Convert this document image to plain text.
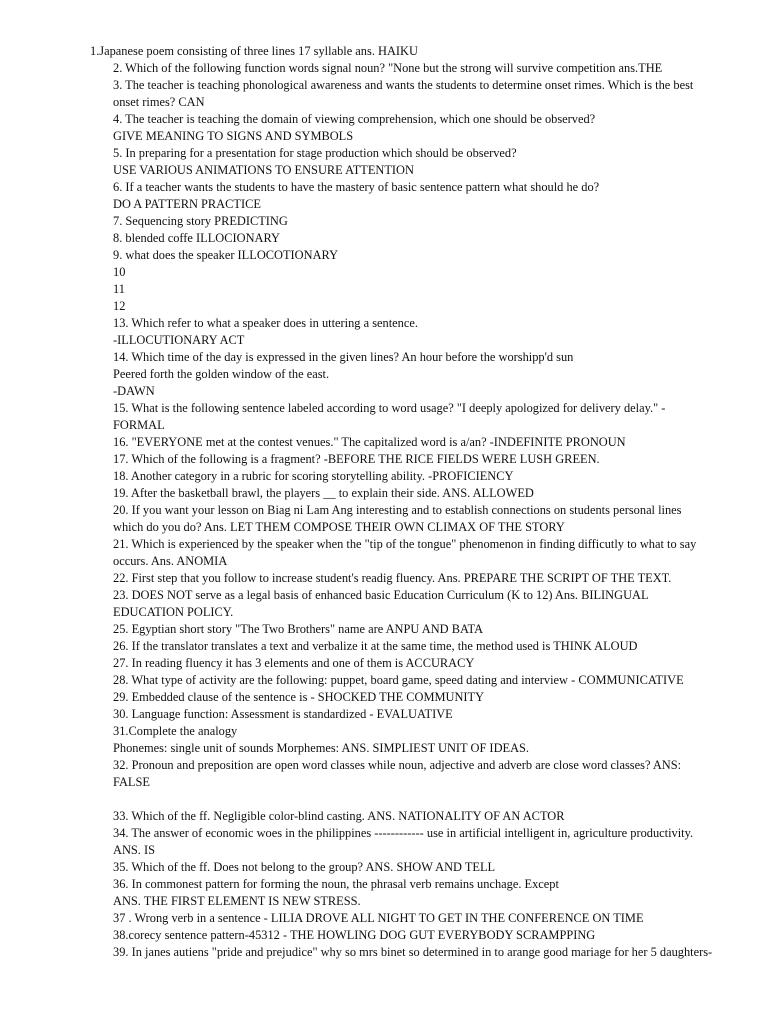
1.Japanese poem consisting of three lines 17 syllable ans. HAIKU
2. Which of the following function words signal noun? "None but the strong will survive competition ans.THE
3. The teacher is teaching phonological awareness and wants the students to determine onset rimes. Which is the best
onset rimes? CAN
4. The teacher is teaching the domain of viewing comprehension, which one should be observed?
GIVE MEANING TO SIGNS AND SYMBOLS
5. In preparing for a presentation for stage production which should be observed?
USE VARIOUS ANIMATIONS TO ENSURE ATTENTION
6. If a teacher wants the students to have the mastery of basic sentence pattern what should he do?
DO A PATTERN PRACTICE
7. Sequencing story PREDICTING
8. blended coffe ILLOCIONARY
9. what does the speaker ILLOCOTIONARY
10
11
12
13. Which refer to what a speaker does in uttering a sentence.
-ILLOCUTIONARY ACT
14. Which time of the day is expressed in the given lines? An hour before the worshipp'd sun
Peered forth the golden window of the east.
-DAWN
15. What is the following sentence labeled according to word usage? "I deeply apologized for delivery delay." -
FORMAL
16. "EVERYONE met at the contest venues." The capitalized word is a/an? -INDEFINITE PRONOUN
17. Which of the following is a fragment? -BEFORE THE RICE FIELDS WERE LUSH GREEN.
18. Another category in a rubric for scoring storytelling ability. -PROFICIENCY
19. After the basketball brawl, the players __ to explain their side. ANS. ALLOWED
20. If you want your lesson on Biag ni Lam Ang interesting and to establish connections on students personal lines
which do you do? Ans. LET THEM COMPOSE THEIR OWN CLIMAX OF THE STORY
21. Which is experienced by the speaker when the "tip of the tongue" phenomenon in finding difficutly to what to say
occurs. Ans. ANOMIA
22. First step that you follow to increase student's readig fluency. Ans. PREPARE THE SCRIPT OF THE TEXT.
23. DOES NOT serve as a legal basis of enhanced basic Education Curriculum (K to 12) Ans. BILINGUAL
EDUCATION POLICY.
25. Egyptian short story "The Two Brothers" name are ANPU AND BATA
26. If the translator translates a text and verbalize it at the same time, the method used is THINK ALOUD
27. In reading fluency it has 3 elements and one of them is ACCURACY
28. What type of activity are the following: puppet, board game, speed dating and interview - COMMUNICATIVE
29. Embedded clause of the sentence is - SHOCKED THE COMMUNITY
30. Language function: Assessment is standardized - EVALUATIVE
31.Complete the analogy
Phonemes: single unit of sounds Morphemes: ANS. SIMPLIEST UNIT OF IDEAS.
32. Pronoun and preposition are open word classes while noun, adjective and adverb are close word classes? ANS:
FALSE
33. Which of the ff. Negligible color-blind casting. ANS. NATIONALITY OF AN ACTOR
34. The answer of economic woes in the philippines ------------ use in artificial intelligent in, agriculture productivity.
ANS. IS
35. Which of the ff. Does not belong to the group? ANS. SHOW AND TELL
36. In commonest pattern for forming the noun, the phrasal verb remains unchage. Except
ANS. THE FIRST ELEMENT IS NEW STRESS.
37 . Wrong verb in a sentence - LILIA DROVE ALL NIGHT TO GET IN THE CONFERENCE ON TIME
38.corecy sentence pattern-45312 - THE HOWLING DOG GUT EVERYBODY SCRAMPPING
39. In janes autiens "pride and prejudice" why so mrs binet so determined in to arange good mariage for her 5 daughters-
